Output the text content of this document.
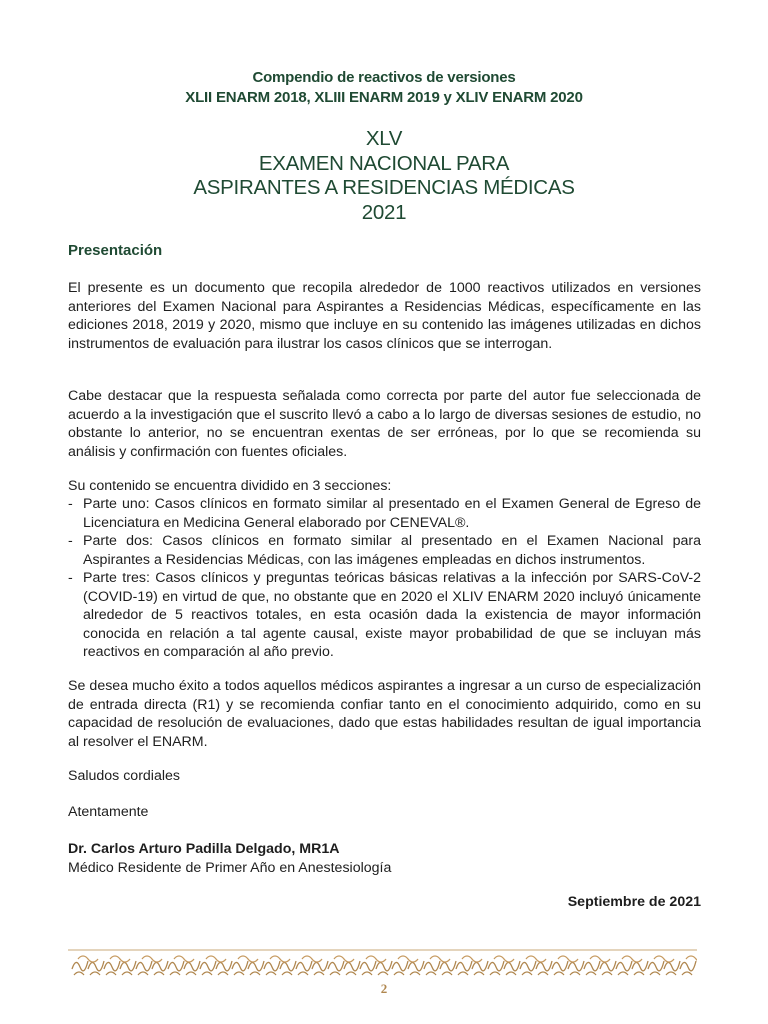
Compendio de reactivos de versiones
XLII ENARM 2018, XLIII ENARM 2019 y XLIV ENARM 2020
XLV
EXAMEN NACIONAL PARA
ASPIRANTES A RESIDENCIAS MÉDICAS
2021
Presentación
El presente es un documento que recopila alrededor de 1000 reactivos utilizados en versiones anteriores del Examen Nacional para Aspirantes a Residencias Médicas, específicamente en las ediciones 2018, 2019 y 2020, mismo que incluye en su contenido las imágenes utilizadas en dichos instrumentos de evaluación para ilustrar los casos clínicos que se interrogan.
Cabe destacar que la respuesta señalada como correcta por parte del autor fue seleccionada de acuerdo a la investigación que el suscrito llevó a cabo a lo largo de diversas sesiones de estudio, no obstante lo anterior, no se encuentran exentas de ser erróneas, por lo que se recomienda su análisis y confirmación con fuentes oficiales.
Su contenido se encuentra dividido en 3 secciones:
- Parte uno: Casos clínicos en formato similar al presentado en el Examen General de Egreso de Licenciatura en Medicina General elaborado por CENEVAL®.
- Parte dos: Casos clínicos en formato similar al presentado en el Examen Nacional para Aspirantes a Residencias Médicas, con las imágenes empleadas en dichos instrumentos.
- Parte tres: Casos clínicos y preguntas teóricas básicas relativas a la infección por SARS-CoV-2 (COVID-19) en virtud de que, no obstante que en 2020 el XLIV ENARM 2020 incluyó únicamente alrededor de 5 reactivos totales, en esta ocasión dada la existencia de mayor información conocida en relación a tal agente causal, existe mayor probabilidad de que se incluyan más reactivos en comparación al año previo.
Se desea mucho éxito a todos aquellos médicos aspirantes a ingresar a un curso de especialización de entrada directa (R1) y se recomienda confiar tanto en el conocimiento adquirido, como en su capacidad de resolución de evaluaciones, dado que estas habilidades resultan de igual importancia al resolver el ENARM.
Saludos cordiales
Atentamente
Dr. Carlos Arturo Padilla Delgado, MR1A
Médico Residente de Primer Año en Anestesiología
Septiembre de 2021
2
